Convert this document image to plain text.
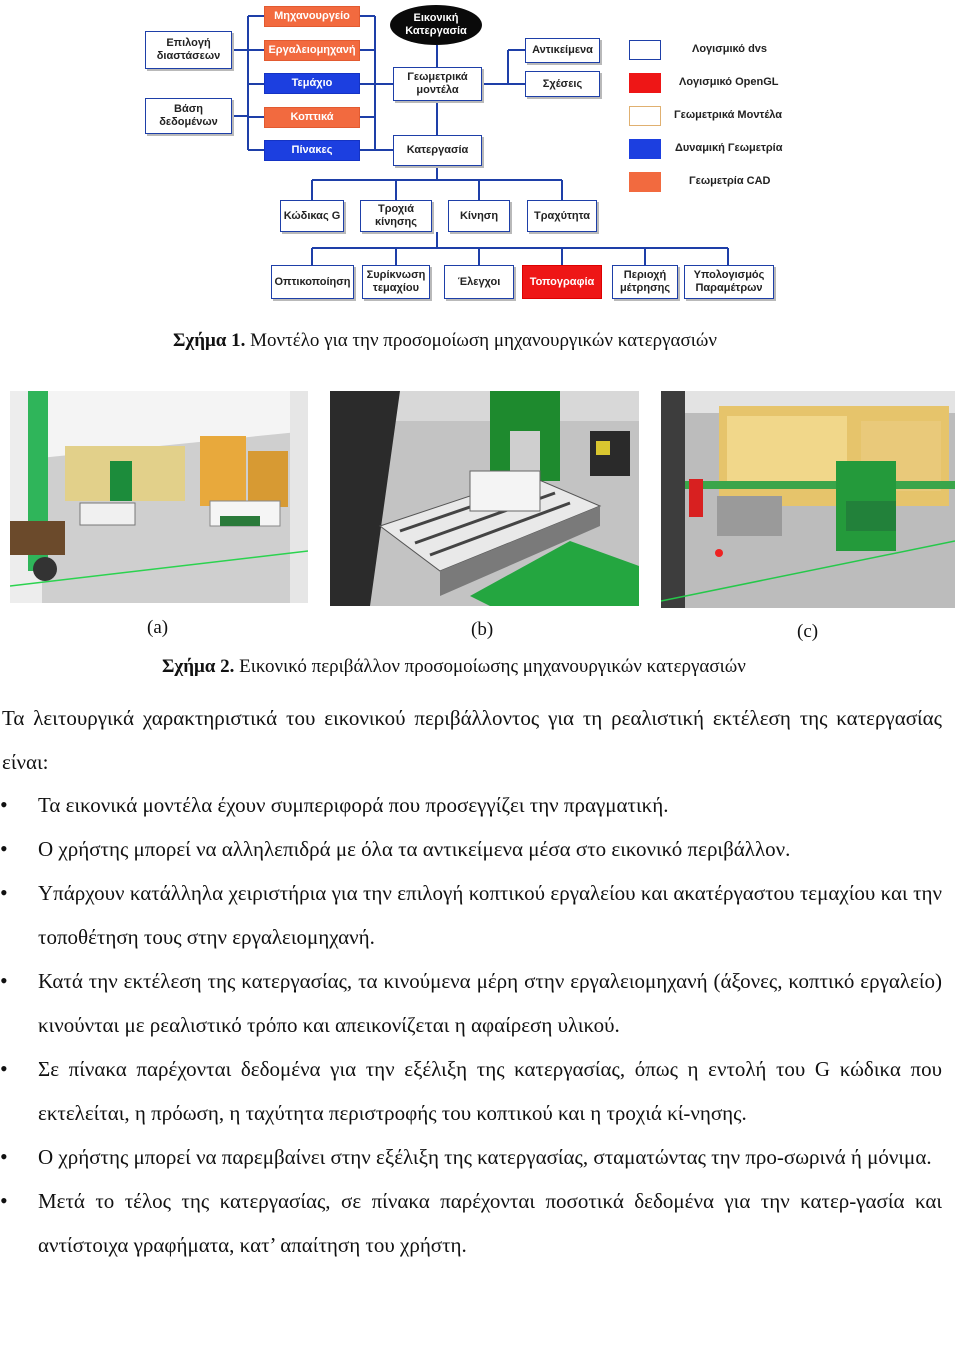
Επιλογή
διαστάσεων
Βάση
δεδομένων
Μηχανουργείο
Εργαλειομηχανή
Τεμάχιο
Κοπτικά
Πίνακες
Εικονική
Κατεργασία
Γεωμετρικά
μοντέλα
Κατεργασία
Αντικείμενα
Σχέσεις
Κώδικας G
Τροχιά
κίνησης
Κίνηση	Τραχύτητα
Οπτικοποίηση
Συρίκνωση
τεμαχίου
Έλεγχοι	Τοπογραφία
Περιοχή
μέτρησης
Υπολογισμός
Παραμέτρων
Λογισμικό dvs
Λογισμικό OpenGL
Γεωμετρικά Μοντέλα
Δυναμική Γεωμετρία
Γεωμετρία CAD
Σχήμα 1. Μοντέλο για την προσομοίωση μηχανουργικών κατεργασιών
(a)	(b)	(c)
Σχήμα 2. Εικονικό περιβάλλον προσομοίωσης μηχανουργικών κατεργασιών

Τα λειτουργικά χαρακτηριστικά του εικονικού περιβάλλοντος για τη ρεαλιστική εκτέλεση της κατεργασίας είναι:

• Τα εικονικά μοντέλα έχουν συμπεριφορά που προσεγγίζει την πραγματική.
• Ο χρήστης μπορεί να αλληλεπιδρά με όλα τα αντικείμενα μέσα στο εικονικό περιβάλλον.
• Υπάρχουν κατάλληλα χειριστήρια για την επιλογή κοπτικού εργαλείου και ακατέργαστου τεμαχίου και την τοποθέτηση τους στην εργαλειομηχανή.
• Κατά την εκτέλεση της κατεργασίας, τα κινούμενα μέρη στην εργαλειομηχανή (άξονες, κοπτικό εργαλείο) κινούνται με ρεαλιστικό τρόπο και απεικονίζεται η αφαίρεση υλικού.
• Σε πίνακα παρέχονται δεδομένα για την εξέλιξη της κατεργασίας, όπως η εντολή του G κώδικα που εκτελείται, η πρόωση, η ταχύτητα περιστροφής του κοπτικού και η τροχιά κί-νησης.
• Ο χρήστης μπορεί να παρεμβαίνει στην εξέλιξη της κατεργασίας, σταματώντας την προ-σωρινά ή μόνιμα.
• Μετά το τέλος της κατεργασίας, σε πίνακα παρέχονται ποσοτικά δεδομένα για την κατερ-γασία και αντίστοιχα γραφήματα, κατ’ απαίτηση του χρήστη.
